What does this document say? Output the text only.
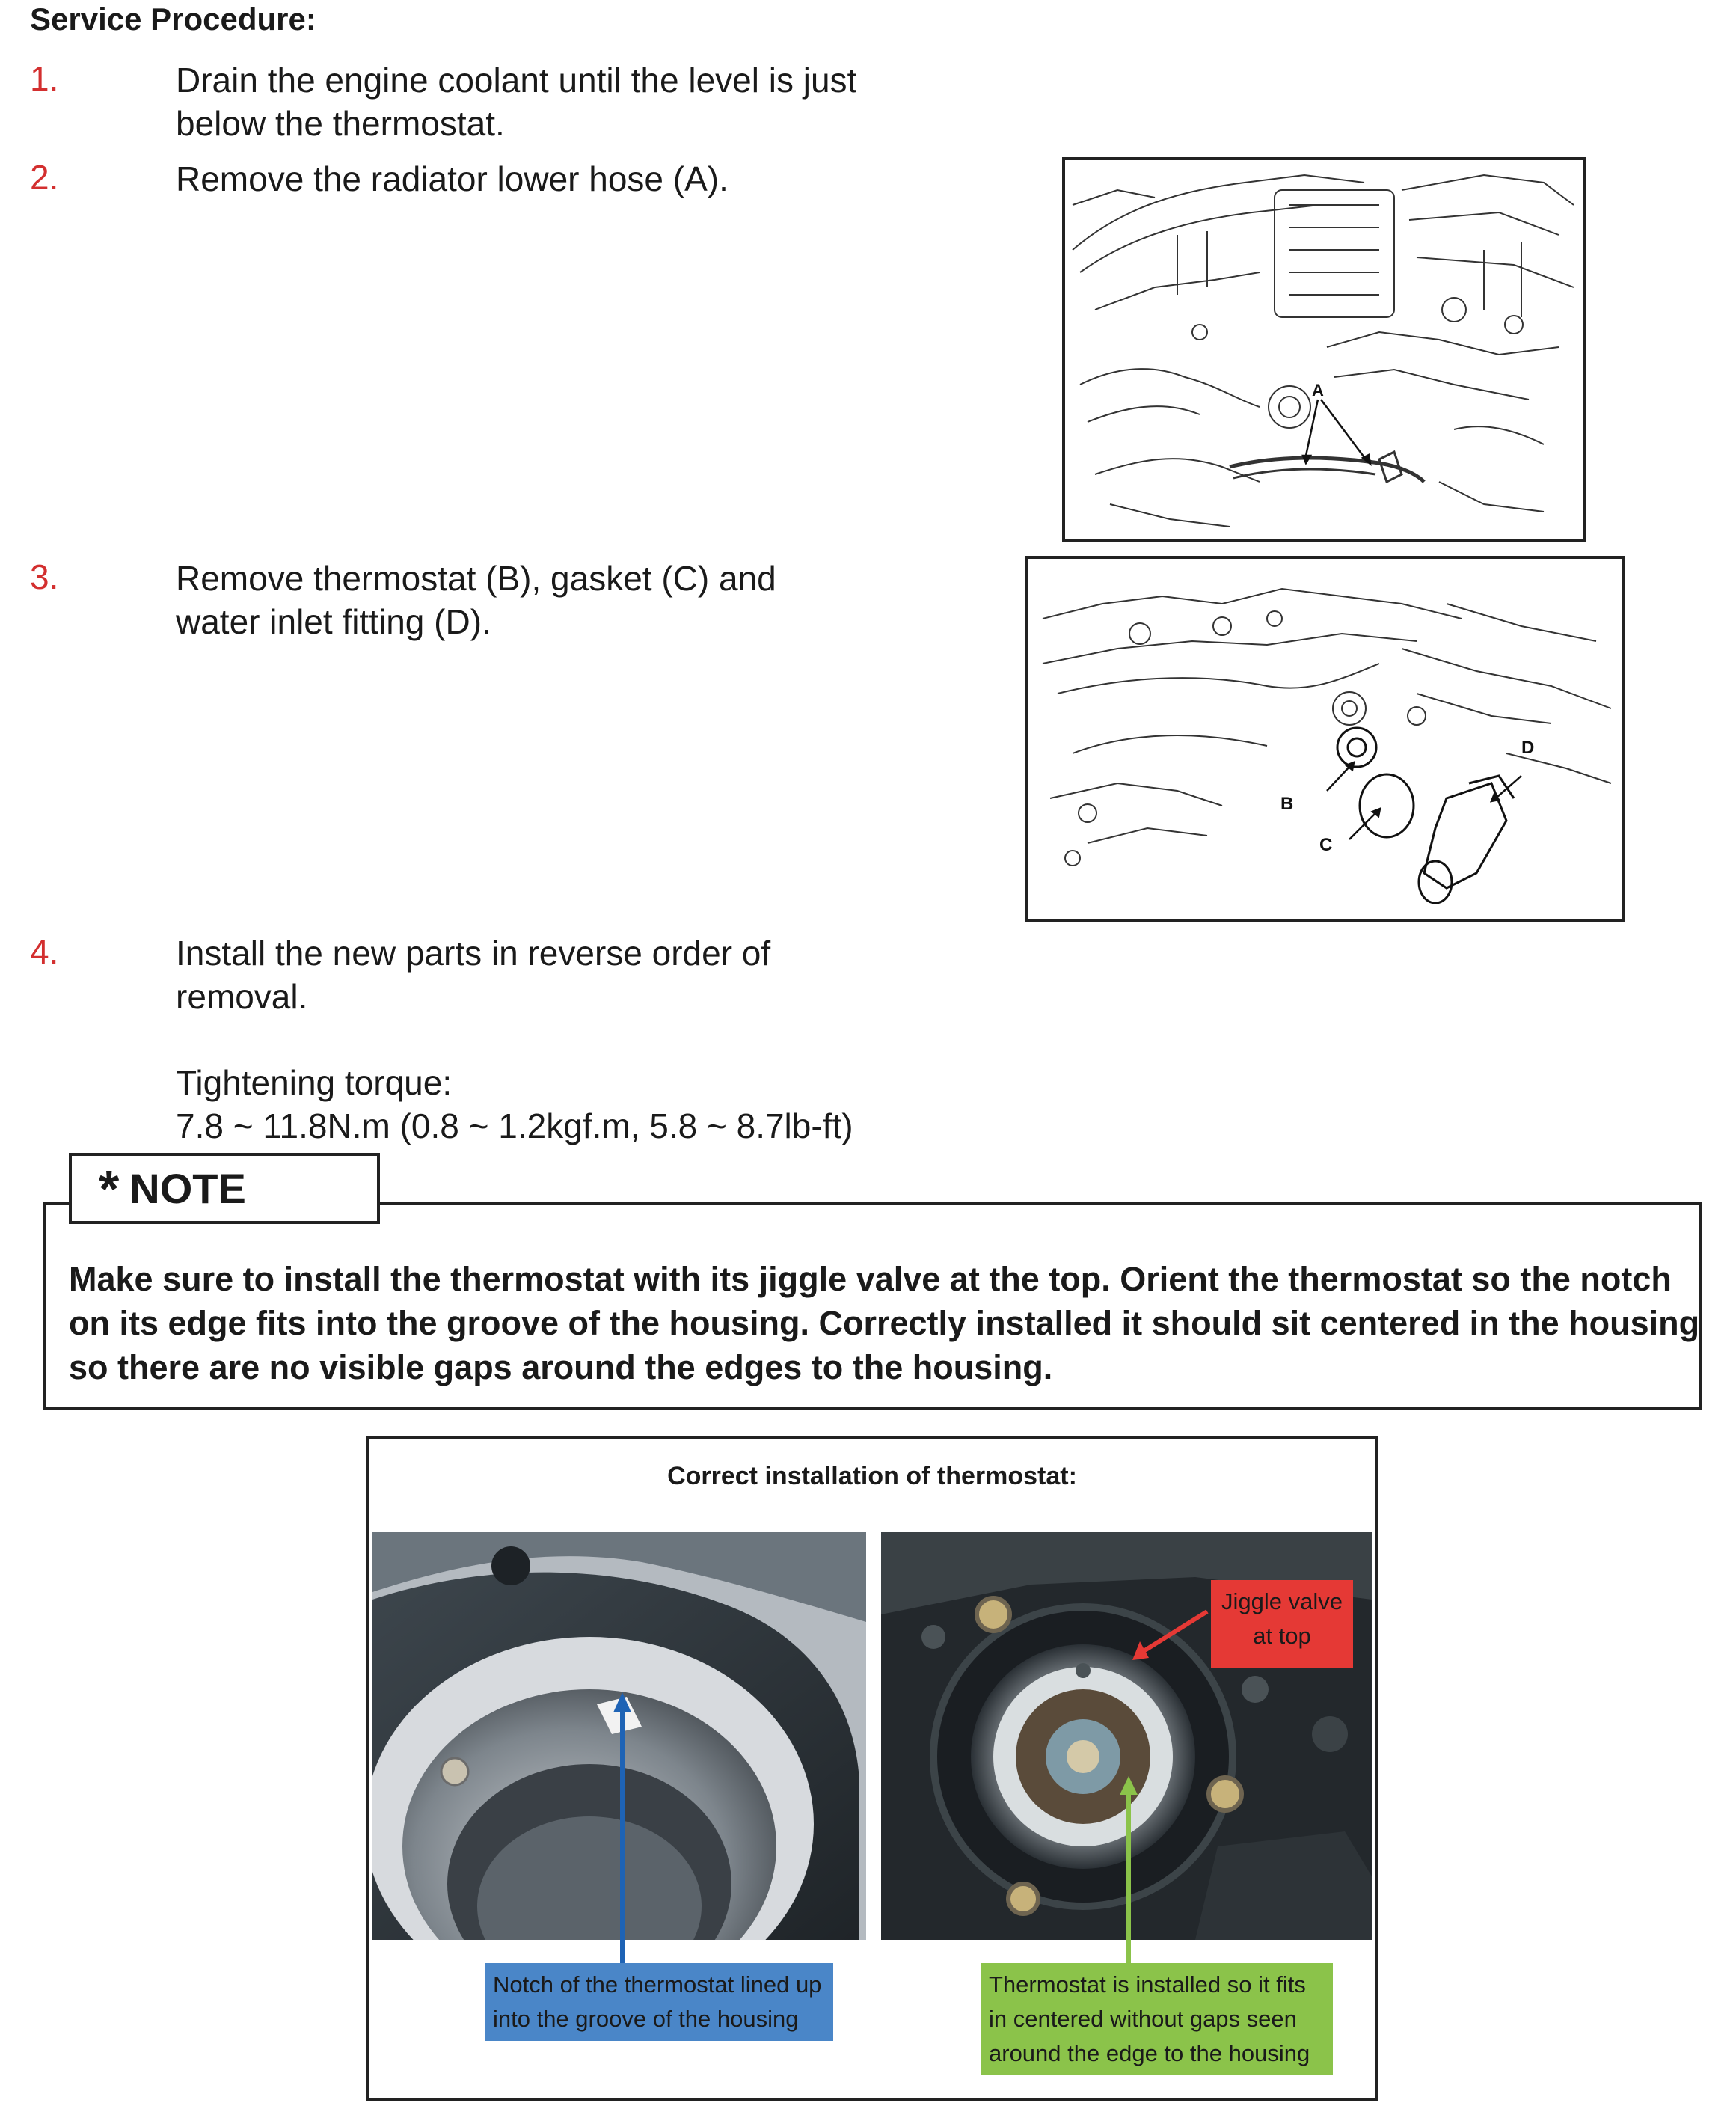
Service Procedure:
1.	Drain the engine coolant until the level is just below the thermostat.
2.	Remove the radiator lower hose (A).
3.	Remove thermostat (B), gasket (C) and water inlet fitting (D).
4.	Install the new parts in reverse order of removal.
Tightening torque:
7.8 ~ 11.8N.m (0.8 ~ 1.2kgf.m, 5.8 ~ 8.7lb-ft)
A
B
C
D
* NOTE
Make sure to install the thermostat with its jiggle valve at the top. Orient the thermostat so the notch on its edge fits into the groove of the housing. Correctly installed it should sit centered in the housing so there are no visible gaps around the edges to the housing.
Correct installation of thermostat:
Jiggle valve
at top
Notch of the thermostat lined up into the groove of the housing
Thermostat is installed so it fits in centered without gaps seen around the edge to the housing
